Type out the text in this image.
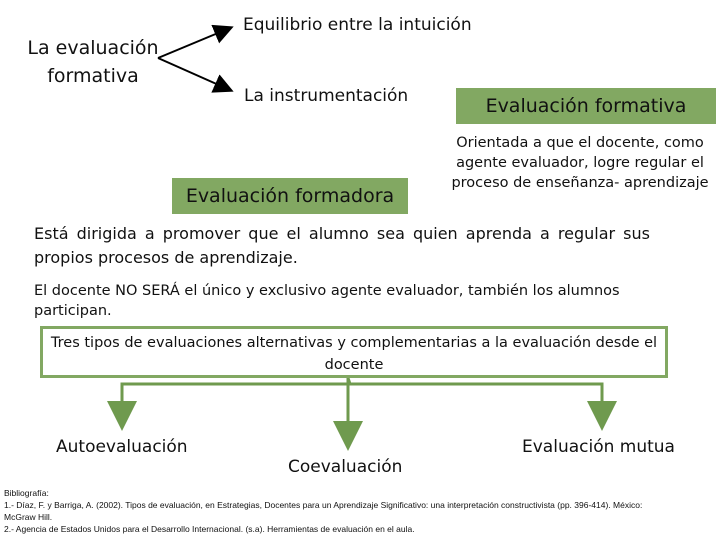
La evaluación formativa
Equilibrio entre la intuición
La instrumentación	Evaluación formativa
Orientada a que el docente, como agente evaluador, logre regular el proceso de enseñanza- aprendizaje
Evaluación formadora
Está dirigida a promover que el alumno sea quien aprenda a regular sus propios procesos de aprendizaje.
El docente NO SERÁ el único y exclusivo agente evaluador, también los alumnos participan.
Tres tipos de evaluaciones alternativas y complementarias a la evaluación desde el docente
Autoevaluación
Coevaluación
Evaluación mutua
Bibliografía:
1.- Díaz, F. y Barriga, A. (2002). Tipos de evaluación, en Estrategias, Docentes para un Aprendizaje Significativo: una interpretación constructivista (pp. 396-414). México: McGraw Hill.
2.- Agencia de Estados Unidos para el Desarrollo Internacional. (s.a). Herramientas de evaluación en el aula.
